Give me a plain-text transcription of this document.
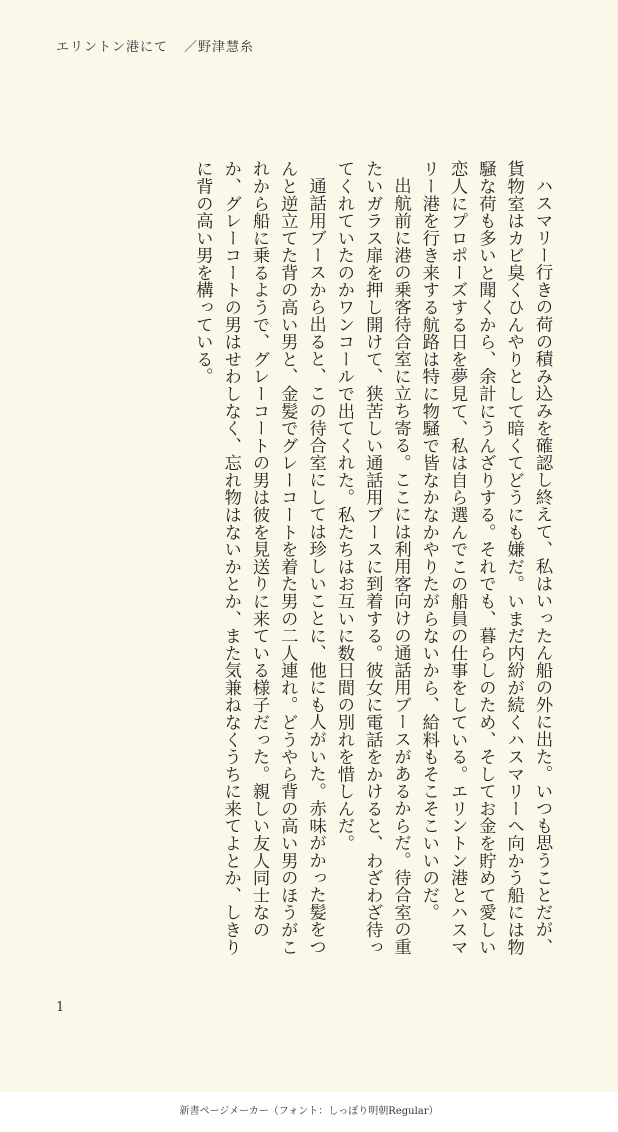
エリントン港にて ／野津慧糸

ハスマリー行きの荷の積み込みを確認し終えて、私はいったん船の外に出た。いつも思うことだが、貨物室はカビ臭くひんやりとして暗くてどうにも嫌だ。いまだ内紛が続くハスマリーへ向かう船には物騒な荷も多いと聞くから、余計にうんざりする。それでも、暮らしのため、そしてお金を貯めて愛しい恋人にプロポーズする日を夢見て、私は自ら選んでこの船員の仕事をしている。エリントン港とハスマリー港を行き来する航路は特に物騒で皆なかなかやりたがらないから、給料もそこそこいいのだ。

出航前に港の乗客待合室に立ち寄る。ここには利用客向けの通話用ブースがあるからだ。待合室の重たいガラス扉を押し開けて、狭苦しい通話用ブースに到着する。彼女に電話をかけると、わざわざ待ってくれていたのかワンコールで出てくれた。私たちはお互いに数日間の別れを惜しんだ。

通話用ブースから出ると、この待合室にしては珍しいことに、他にも人がいた。赤味がかった髪をつんと逆立てた背の高い男と、金髪でグレーコートを着た男の二人連れ。どうやら背の高い男のほうがこれから船に乗るようで、グレーコートの男は彼を見送りに来ている様子だった。親しい友人同士なのか、グレーコートの男はせわしなく、忘れ物はないかとか、また気兼ねなくうちに来てよとか、しきりに背の高い男を構っている。

1
新書ページメーカー（フォント：しっぽり明朝Regular）
